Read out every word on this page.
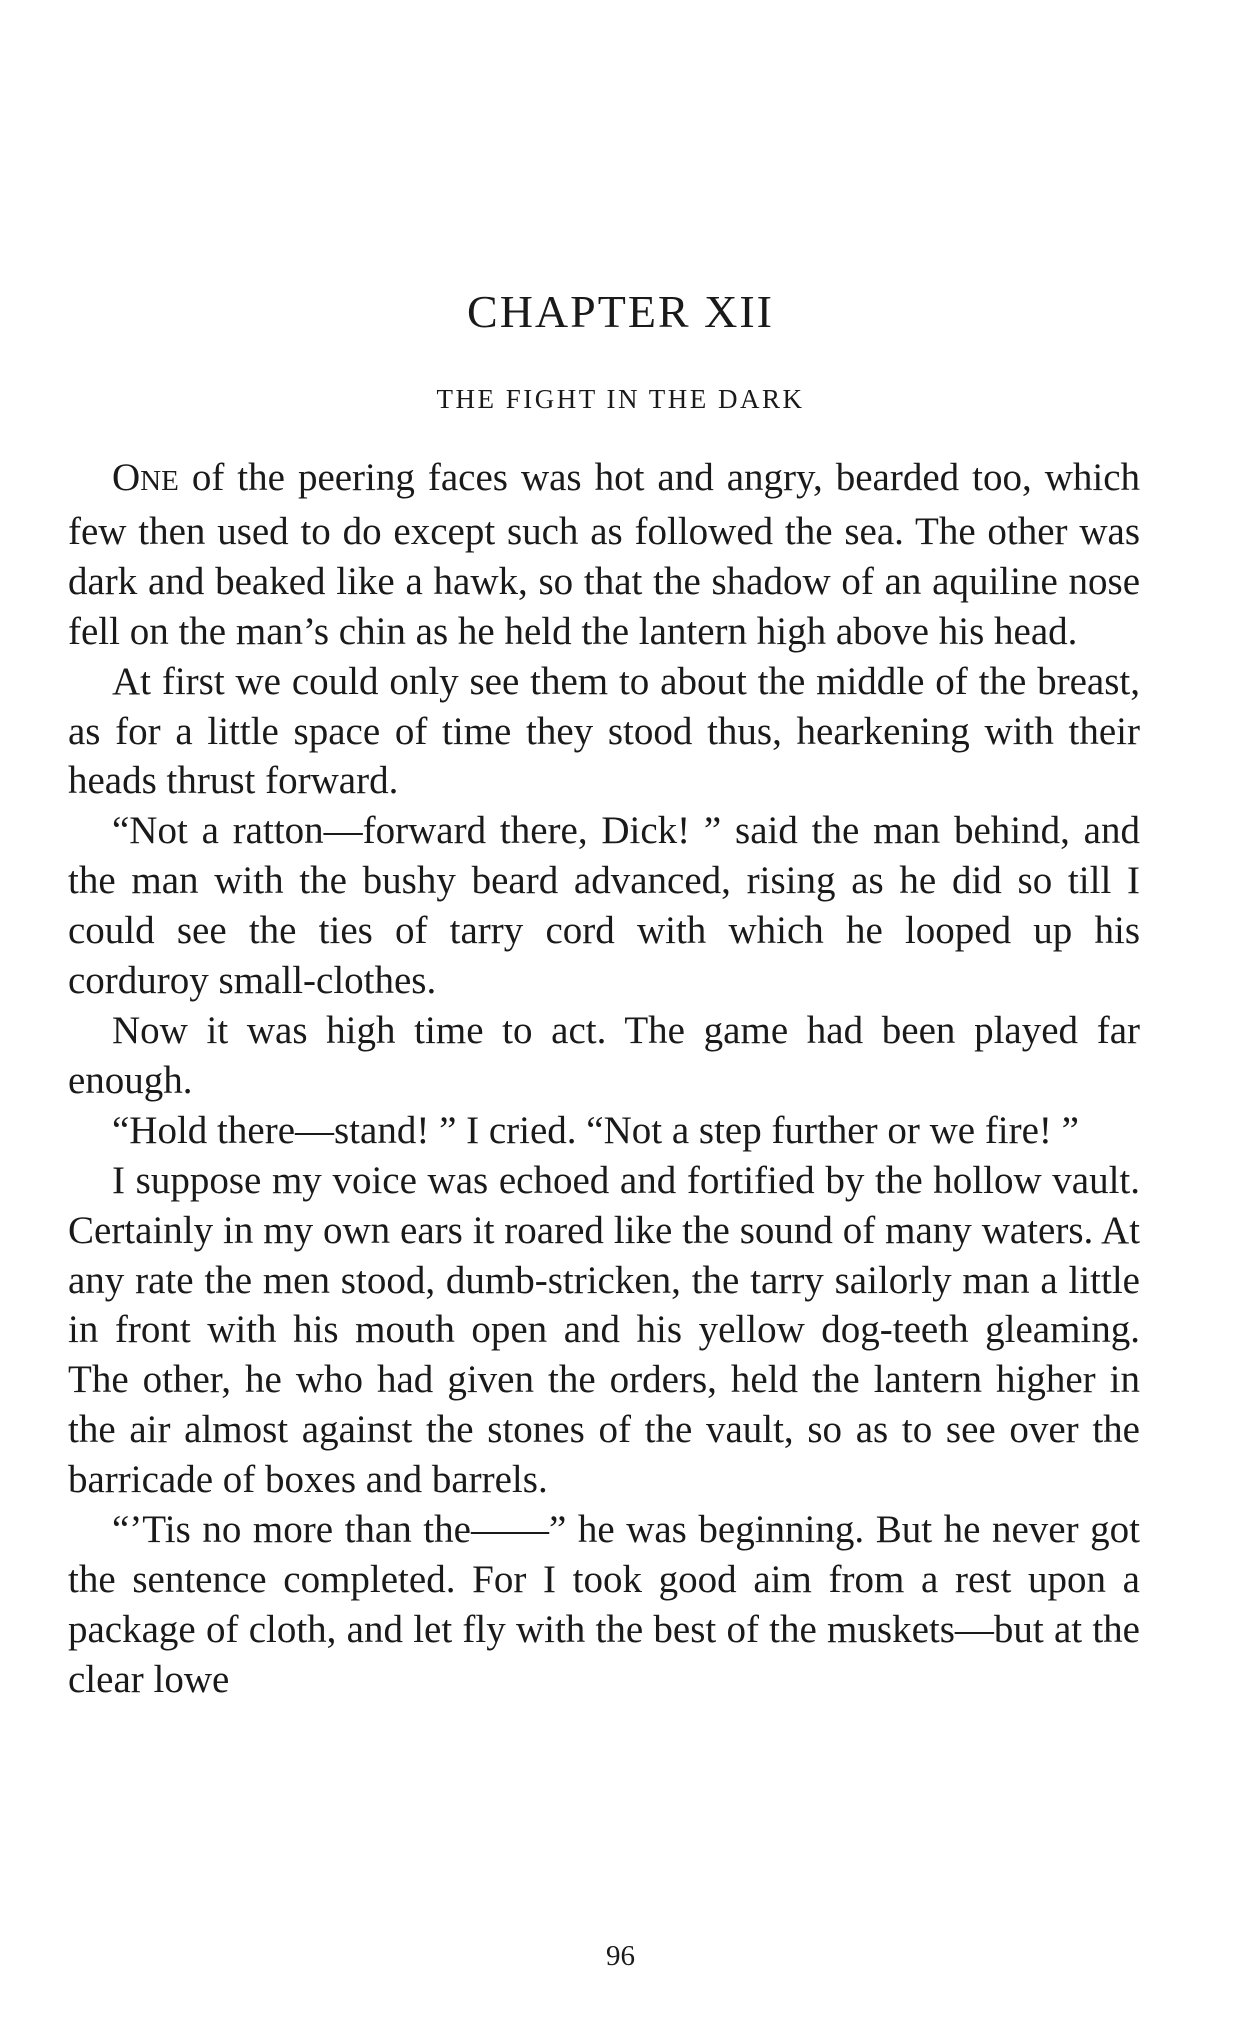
CHAPTER XII
THE FIGHT IN THE DARK

ONE of the peering faces was hot and angry, bearded too, which few then used to do except such as followed the sea. The other was dark and beaked like a hawk, so that the shadow of an aquiline nose fell on the man’s chin as he held the lantern high above his head.

At first we could only see them to about the middle of the breast, as for a little space of time they stood thus, hearkening with their heads thrust forward.

“Not a ratton—forward there, Dick! ” said the man behind, and the man with the bushy beard advanced, rising as he did so till I could see the ties of tarry cord with which he looped up his corduroy small-clothes.

Now it was high time to act. The game had been played far enough.

“Hold there—stand! ” I cried. “Not a step further or we fire! ”

I suppose my voice was echoed and fortified by the hollow vault. Certainly in my own ears it roared like the sound of many waters. At any rate the men stood, dumb-stricken, the tarry sailorly man a little in front with his mouth open and his yellow dog-teeth gleaming. The other, he who had given the orders, held the lantern higher in the air almost against the stones of the vault, so as to see over the barricade of boxes and barrels.

“’Tis no more than the——” he was beginning. But he never got the sentence completed. For I took good aim from a rest upon a package of cloth, and let fly with the best of the muskets—but at the clear lowe

96
